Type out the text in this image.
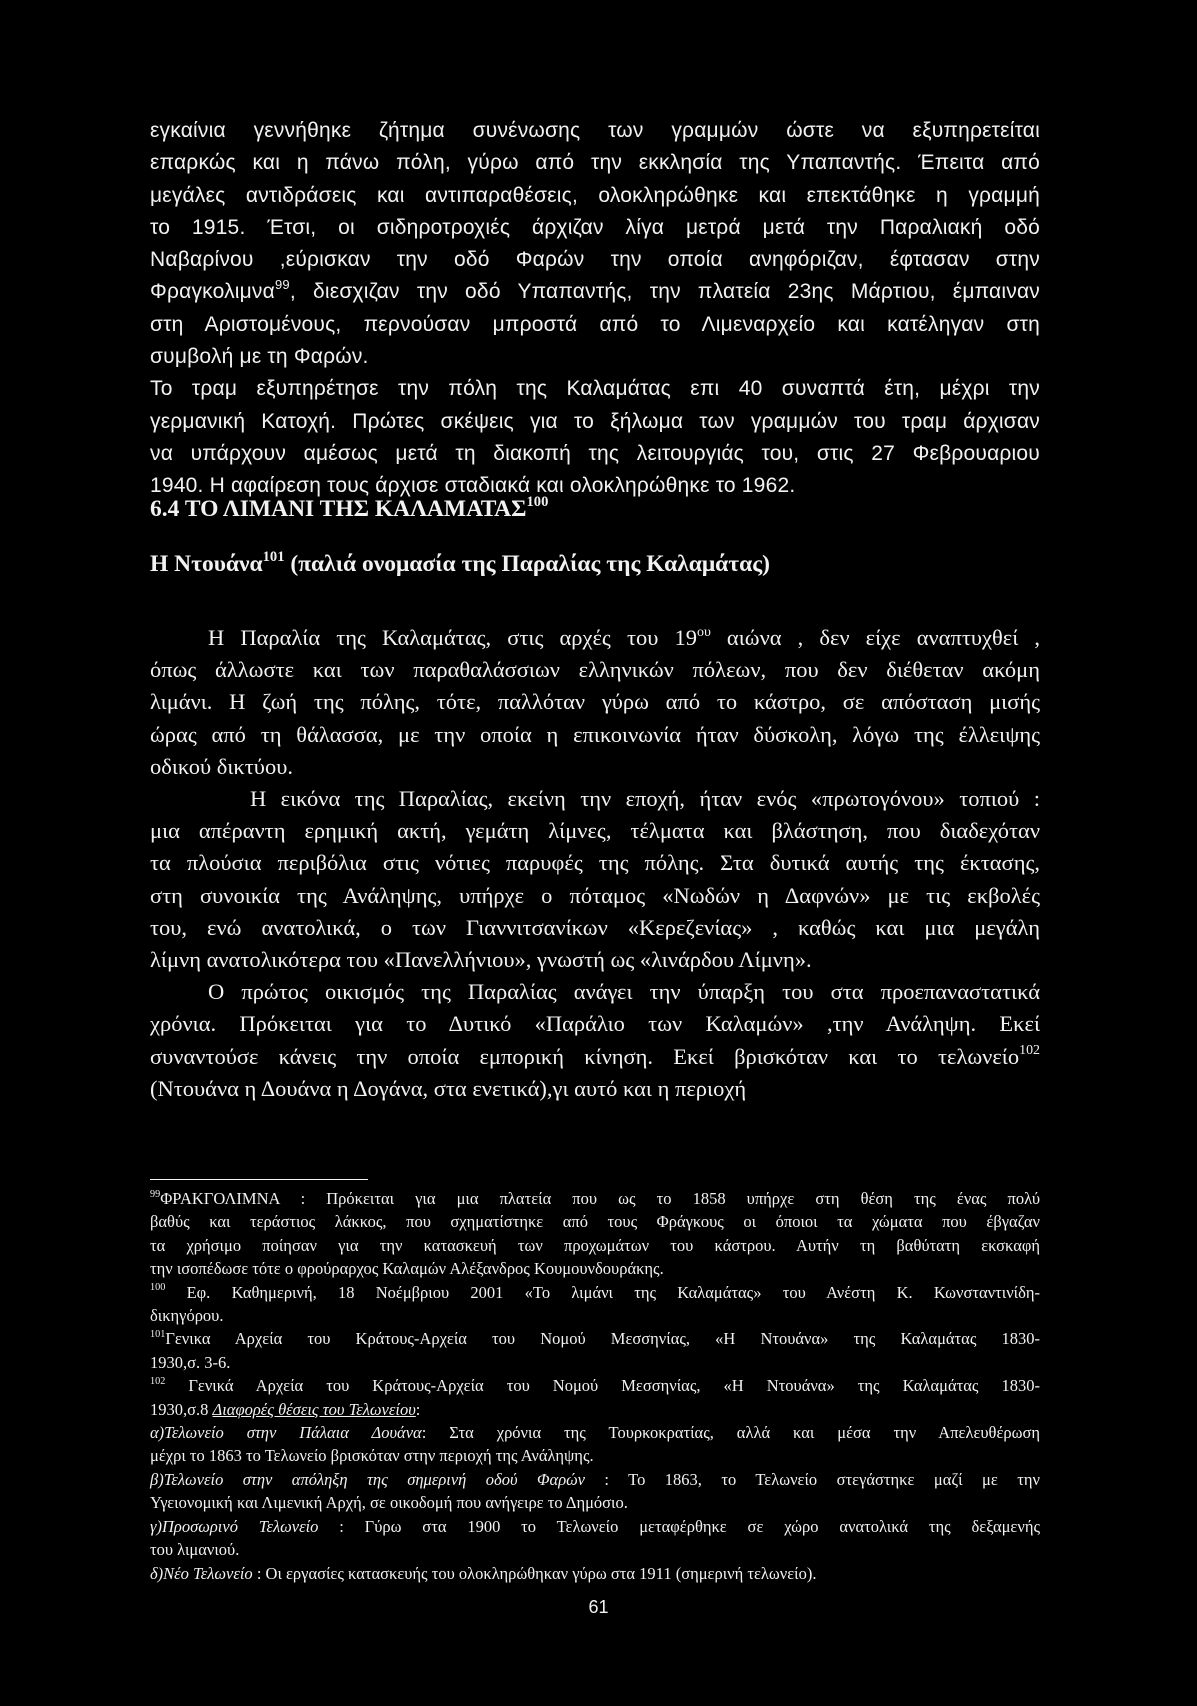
εγκαίνια γεννήθηκε ζήτημα συνένωσης των γραμμών ώστε να εξυπηρετείται
επαρκώς και η πάνω πόλη, γύρω από την εκκλησία της Υπαπαντής. Έπειτα από
μεγάλες αντιδράσεις και αντιπαραθέσεις, ολοκληρώθηκε και επεκτάθηκε η γραμμή
το 1915. Έτσι, οι σιδηροτροχιές άρχιζαν λίγα μετρά μετά την Παραλιακή οδό
Ναβαρίνου ,εύρισκαν την οδό Φαρών την οποία ανηφόριζαν, έφτασαν στην
Φραγκολιμνα$^{99}$, διεσχιζαν την οδό Υπαπαντής, την πλατεία 23ης Μάρτιου, έμπαιναν
στη Αριστομένους, περνούσαν μπροστά από το Λιμεναρχείο και κατέληγαν στη
συμβολή με τη Φαρών.
Το τραμ εξυπηρέτησε την πόλη της Καλαμάτας επι 40 συναπτά έτη, μέχρι την
γερμανική Κατοχή. Πρώτες σκέψεις για το ξήλωμα των γραμμών του τραμ άρχισαν
να υπάρχουν αμέσως μετά τη διακοπή της λειτουργιάς του, στις 27 Φεβρουαριου
1940. Η αφαίρεση τους άρχισε σταδιακά και ολοκληρώθηκε το 1962.
6.4 ΤΟ ΛΙΜΑΝΙ ΤΗΣ ΚΑΛΑΜΑΤΑΣ$^{100}$
Η Ντουάνα$^{101}$ (παλιά ονομασία της Παραλίας της Καλαμάτας)
Η Παραλία της Καλαμάτας, στις αρχές του $19^{o\upsilon}$ αιώνα , δεν είχε αναπτυχθεί ,
όπως άλλωστε και των παραθαλάσσιων ελληνικών πόλεων, που δεν διέθεταν ακόμη
λιμάνι. Η ζωή της πόλης, τότε, παλλόταν γύρω από το κάστρο, σε απόσταση μισής
ώρας από τη θάλασσα, με την οποία η επικοινωνία ήταν δύσκολη, λόγω της έλλειψης
οδικού δικτύου.
Η εικόνα της Παραλίας, εκείνη την εποχή, ήταν ενός «πρωτογόνου» τοπιού :
μια απέραντη ερημική ακτή, γεμάτη λίμνες, τέλματα και βλάστηση, που διαδεχόταν
τα πλούσια περιβόλια στις νότιες παρυφές της πόλης. Στα δυτικά αυτής της έκτασης,
στη συνοικία της Ανάληψης, υπήρχε ο πόταμος «Νωδών η Δαφνών» με τις εκβολές
του, ενώ ανατολικά, ο των Γιαννιτσανίκων «Κερεζενίας» , καθώς και μια μεγάλη
λίμνη ανατολικότερα του «Πανελλήνιου», γνωστή ως «λινάρδου Λίμνη».
Ο πρώτος οικισμός της Παραλίας ανάγει την ύπαρξη του στα προεπαναστατικά
χρόνια. Πρόκειται για το Δυτικό «Παράλιο των Καλαμών» ,την Ανάληψη. Εκεί
συναντούσε κάνεις την οποία εμπορική κίνηση. Εκεί βρισκόταν και το τελωνείο$^{102}$
(Ντουάνα η Δουάνα η Δογάνα, στα ενετικά),γι αυτό και η περιοχή
$^{99}$ΦΡΑΚΓΟΛΙΜΝΑ : Πρόκειται για μια πλατεία που ως το 1858 υπήρχε στη θέση της ένας πολύ
βαθύς και τεράστιος λάκκος, που σχηματίστηκε από τους Φράγκους οι όποιοι τα χώματα που έβγαζαν
τα χρήσιμο ποίησαν για την κατασκευή των προχωμάτων του κάστρου. Αυτήν τη βαθύτατη εκσκαφή
την ισοπέδωσε τότε ο φρούραρχος Καλαμών Αλέξανδρος Κουμουνδουράκης.
$^{100}$ Εφ. Καθημερινή, 18 Νοέμβριου 2001 «Το λιμάνι της Καλαμάτας» του Ανέστη Κ. Κωνσταντινίδη-
δικηγόρου.
$^{101}$Γενικα Αρχεία του Κράτους-Αρχεία του Νομού Μεσσηνίας, «Η Ντουάνα» της Καλαμάτας 1830-
1930,σ. 3-6.
$^{102}$ Γενικά Αρχεία του Κράτους-Αρχεία του Νομού Μεσσηνίας, «Η Ντουάνα» της Καλαμάτας 1830-
1930,σ.8 Διαφορές θέσεις του Τελωνείου:
α)Τελωνείο στην Πάλαια Δουάνα: Στα χρόνια της Τουρκοκρατίας, αλλά και μέσα την Απελευθέρωση
μέχρι το 1863 το Τελωνείο βρισκόταν στην περιοχή της Ανάληψης.
β)Τελωνείο στην απόληξη της σημερινή οδού Φαρών : Το 1863, το Τελωνείο στεγάστηκε μαζί με την
Υγειονομική και Λιμενική Αρχή, σε οικοδομή που ανήγειρε το Δημόσιο.
γ)Προσωρινό Τελωνείο : Γύρω στα 1900 το Τελωνείο μεταφέρθηκε σε χώρο ανατολικά της δεξαμενής
του λιμανιού.
δ)Νέο Τελωνείο : Οι εργασίες κατασκευής του ολοκληρώθηκαν γύρω στα 1911 (σημερινή τελωνείο).
61
